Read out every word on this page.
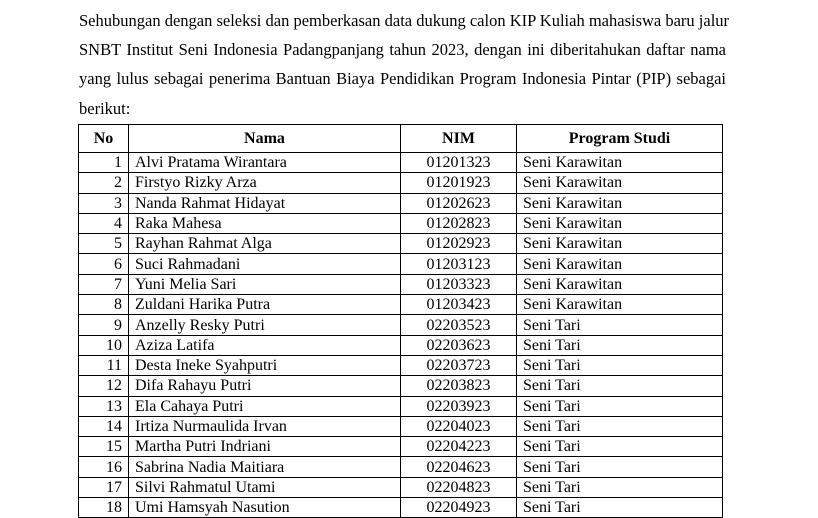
Sehubungan dengan seleksi dan pemberkasan data dukung calon KIP Kuliah mahasiswa baru jalur
SNBT Institut Seni Indonesia Padangpanjang tahun 2023, dengan ini diberitahukan daftar nama
yang lulus sebagai penerima Bantuan Biaya Pendidikan Program Indonesia Pintar (PIP) sebagai
berikut:
No	Nama	NIM	Program Studi
1	Alvi Pratama Wirantara	01201323	Seni Karawitan
2	Firstyo Rizky Arza	01201923	Seni Karawitan
3	Nanda Rahmat Hidayat	01202623	Seni Karawitan
4	Raka Mahesa	01202823	Seni Karawitan
5	Rayhan Rahmat Alga	01202923	Seni Karawitan
6	Suci Rahmadani	01203123	Seni Karawitan
7	Yuni Melia Sari	01203323	Seni Karawitan
8	Zuldani Harika Putra	01203423	Seni Karawitan
9	Anzelly Resky Putri	02203523	Seni Tari
10	Aziza Latifa	02203623	Seni Tari
11	Desta Ineke Syahputri	02203723	Seni Tari
12	Difa Rahayu Putri	02203823	Seni Tari
13	Ela Cahaya Putri	02203923	Seni Tari
14	Irtiza Nurmaulida Irvan	02204023	Seni Tari
15	Martha Putri Indriani	02204223	Seni Tari
16	Sabrina Nadia Maitiara	02204623	Seni Tari
17	Silvi Rahmatul Utami	02204823	Seni Tari
18	Umi Hamsyah Nasution	02204923	Seni Tari
